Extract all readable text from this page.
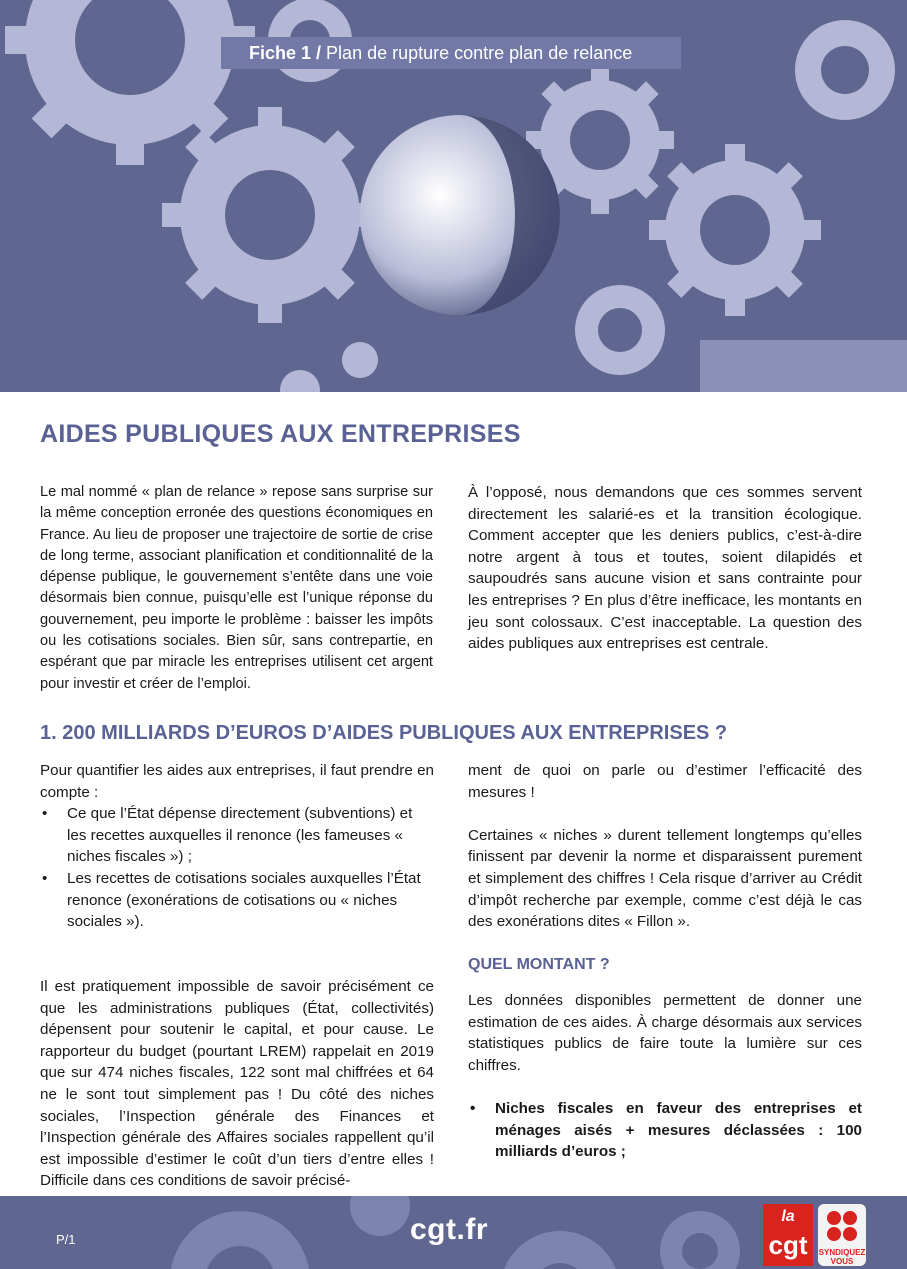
Fiche 1 / Plan de rupture contre plan de relance
AIDES PUBLIQUES AUX ENTREPRISES

Le mal nommé « plan de relance » repose sans surprise sur la même conception erronée des questions économiques en France. Au lieu de proposer une trajectoire de sortie de crise de long terme, associant planification et conditionnalité de la dépense publique, le gouvernement s’entête dans une voie désormais bien connue, puisqu’elle est l’unique réponse du gouvernement, peu importe le problème : baisser les impôts ou les cotisations sociales. Bien sûr, sans contrepartie, en espérant que par miracle les entreprises utilisent cet argent pour investir et créer de l’emploi.

À l’opposé, nous demandons que ces sommes servent directement les salarié-es et la transition écologique. Comment accepter que les deniers publics, c’est-à-dire notre argent à tous et toutes, soient dilapidés et saupoudrés sans aucune vision et sans contrainte pour les entreprises ? En plus d’être inefficace, les montants en jeu sont colossaux. C’est inacceptable. La question des aides publiques aux entreprises est centrale.

1. 200 MILLIARDS D’EUROS D’AIDES PUBLIQUES AUX ENTREPRISES ?

Pour quantifier les aides aux entreprises, il faut prendre en compte :

• Ce que l’État dépense directement (subventions) et les recettes auxquelles il renonce (les fameuses « niches fiscales ») ;
• Les recettes de cotisations sociales auxquelles l’État renonce (exonérations de cotisations ou « niches sociales »).

Il est pratiquement impossible de savoir précisément ce que les administrations publiques (État, collectivités) dépensent pour soutenir le capital, et pour cause. Le rapporteur du budget (pourtant LREM) rappelait en 2019 que sur 474 niches fiscales, 122 sont mal chiffrées et 64 ne le sont tout simplement pas ! Du côté des niches sociales, l’Inspection générale des Finances et l’Inspection générale des Affaires sociales rappellent qu’il est impossible d’estimer le coût d’un tiers d’entre elles ! Difficile dans ces conditions de savoir précisé-

ment de quoi on parle ou d’estimer l’efficacité des mesures !

Certaines « niches » durent tellement longtemps qu’elles finissent par devenir la norme et disparaissent purement et simplement des chiffres ! Cela risque d’arriver au Crédit d’impôt recherche par exemple, comme c’est déjà le cas des exonérations dites « Fillon ».

QUEL MONTANT ?

Les données disponibles permettent de donner une estimation de ces aides. À charge désormais aux services statistiques publics de faire toute la lumière sur ces chiffres.

• Niches fiscales en faveur des entreprises et ménages aisés + mesures déclassées : 100 milliards d’euros ;
P/1	cgt.fr	la
cgt	SYNDIQUEZ VOUS
